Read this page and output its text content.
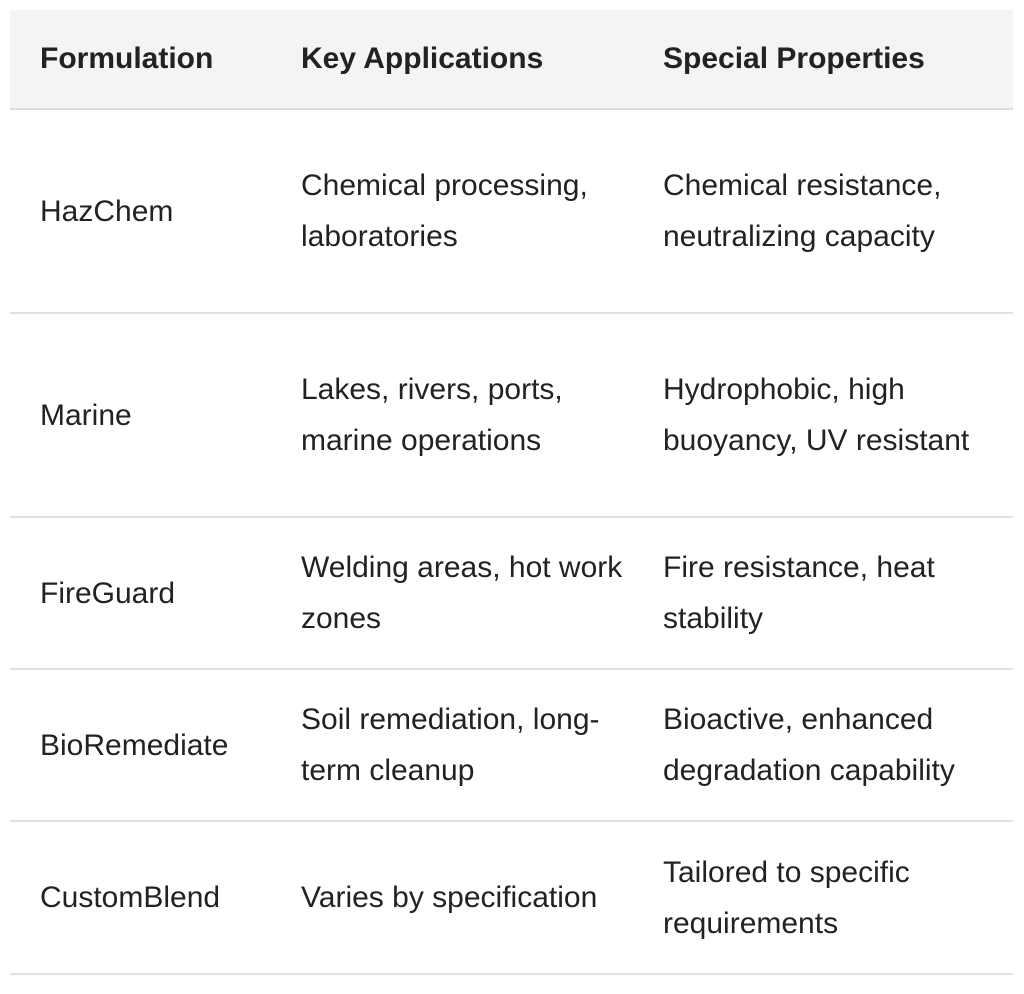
Formulation	Key Applications	Special Properties
HazChem	Chemical processing, laboratories	Chemical resistance, neutralizing capacity
Marine	Lakes, rivers, ports, marine operations	Hydrophobic, high buoyancy, UV resistant
FireGuard	Welding areas, hot work zones	Fire resistance, heat stability
BioRemediate	Soil remediation, long-term cleanup	Bioactive, enhanced degradation capability
CustomBlend	Varies by specification	Tailored to specific requirements
